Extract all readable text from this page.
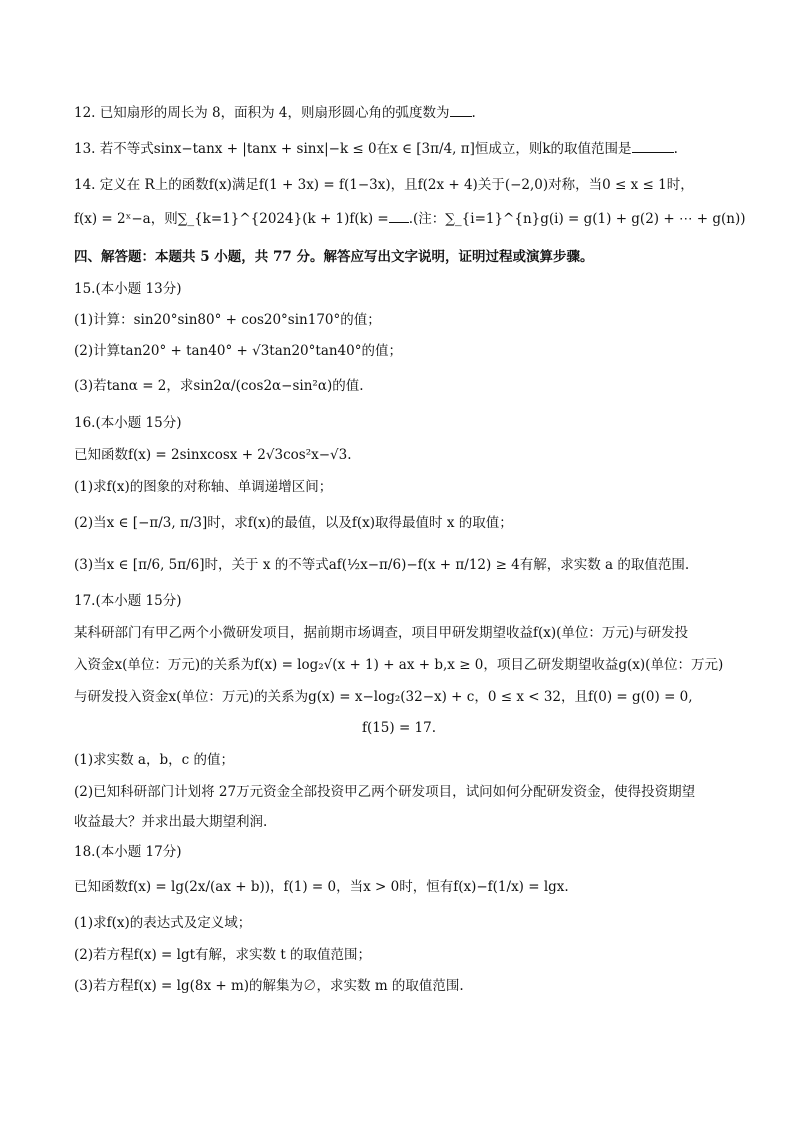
12. 已知扇形的周长为 8，面积为 4，则扇形圆心角的弧度数为 .
13. 若不等式sinx−tanx + |tanx + sinx|−k ≤ 0在x ∈ [3π/4, π]恒成立，则k的取值范围是	.
14. 定义在 R上的函数f(x)满足f(1 + 3x) = f(1−3x)，且f(2x + 4)关于(−2,0)对称，当0 ≤ x ≤ 1时，
f(x) = 2ˣ−a，则∑_{k=1}^{2024}(k + 1)f(k) = .(注：∑_{i=1}^{n}g(i) = g(1) + g(2) + ⋯ + g(n))
四、解答题：本题共 5 小题，共 77 分。解答应写出文字说明，证明过程或演算步骤。
15.(本小题 13分)
(1)计算：sin20°sin80° + cos20°sin170°的值；
(2)计算tan20° + tan40° + √3tan20°tan40°的值；
(3)若tanα = 2，求sin2α/(cos2α−sin²α)的值.
16.(本小题 15分)
已知函数f(x) = 2sinxcosx + 2√3cos²x−√3.
(1)求f(x)的图象的对称轴、单调递增区间；
(2)当x ∈ [−π/3, π/3]时，求f(x)的最值，以及f(x)取得最值时 x 的取值；
(3)当x ∈ [π/6, 5π/6]时，关于 x 的不等式af(½x−π/6)−f(x + π/12) ≥ 4有解，求实数 a 的取值范围.
17.(本小题 15分)
某科研部门有甲乙两个小微研发项目，据前期市场调查，项目甲研发期望收益f(x)(单位：万元)与研发投
入资金x(单位：万元)的关系为f(x) = log₂√(x + 1) + ax + b,x ≥ 0，项目乙研发期望收益g(x)(单位：万元)
与研发投入资金x(单位：万元)的关系为g(x) = x−log₂(32−x) + c，0 ≤ x < 32，且f(0) = g(0) = 0,
f(15) = 17.
(1)求实数 a，b，c 的值；
(2)已知科研部门计划将 27万元资金全部投资甲乙两个研发项目，试问如何分配研发资金，使得投资期望
收益最大？并求出最大期望利润.
18.(本小题 17分)
已知函数f(x) = lg(2x/(ax + b))，f(1) = 0，当x > 0时，恒有f(x)−f(1/x) = lgx.
(1)求f(x)的表达式及定义域；
(2)若方程f(x) = lgt有解，求实数 t 的取值范围；
(3)若方程f(x) = lg(8x + m)的解集为∅，求实数 m 的取值范围.
